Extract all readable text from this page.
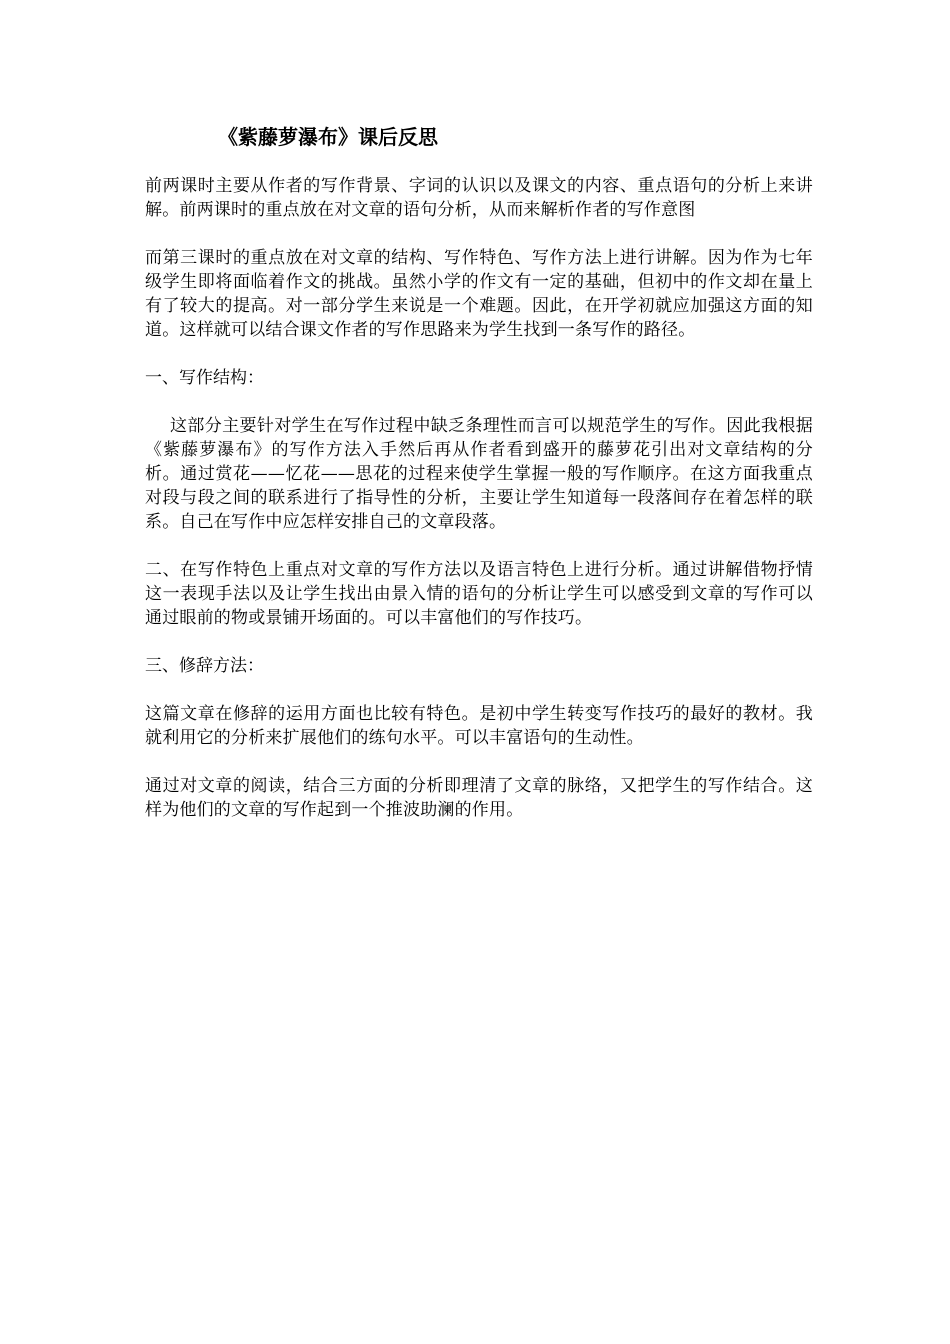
《紫藤萝瀑布》课后反思

前两课时主要从作者的写作背景、字词的认识以及课文的内容、重点语句的分析上来讲解。前两课时的重点放在对文章的语句分析，从而来解析作者的写作意图

而第三课时的重点放在对文章的结构、写作特色、写作方法上进行讲解。因为作为七年级学生即将面临着作文的挑战。虽然小学的作文有一定的基础，但初中的作文却在量上有了较大的提高。对一部分学生来说是一个难题。因此，在开学初就应加强这方面的知道。这样就可以结合课文作者的写作思路来为学生找到一条写作的路径。

一、写作结构：

这部分主要针对学生在写作过程中缺乏条理性而言可以规范学生的写作。因此我根据《紫藤萝瀑布》的写作方法入手然后再从作者看到盛开的藤萝花引出对文章结构的分析。通过赏花——忆花——思花的过程来使学生掌握一般的写作顺序。在这方面我重点对段与段之间的联系进行了指导性的分析，主要让学生知道每一段落间存在着怎样的联系。自己在写作中应怎样安排自己的文章段落。

二、在写作特色上重点对文章的写作方法以及语言特色上进行分析。通过讲解借物抒情这一表现手法以及让学生找出由景入情的语句的分析让学生可以感受到文章的写作可以通过眼前的物或景铺开场面的。可以丰富他们的写作技巧。

三、修辞方法：

这篇文章在修辞的运用方面也比较有特色。是初中学生转变写作技巧的最好的教材。我就利用它的分析来扩展他们的练句水平。可以丰富语句的生动性。

通过对文章的阅读，结合三方面的分析即理清了文章的脉络，又把学生的写作结合。这样为他们的文章的写作起到一个推波助澜的作用。
